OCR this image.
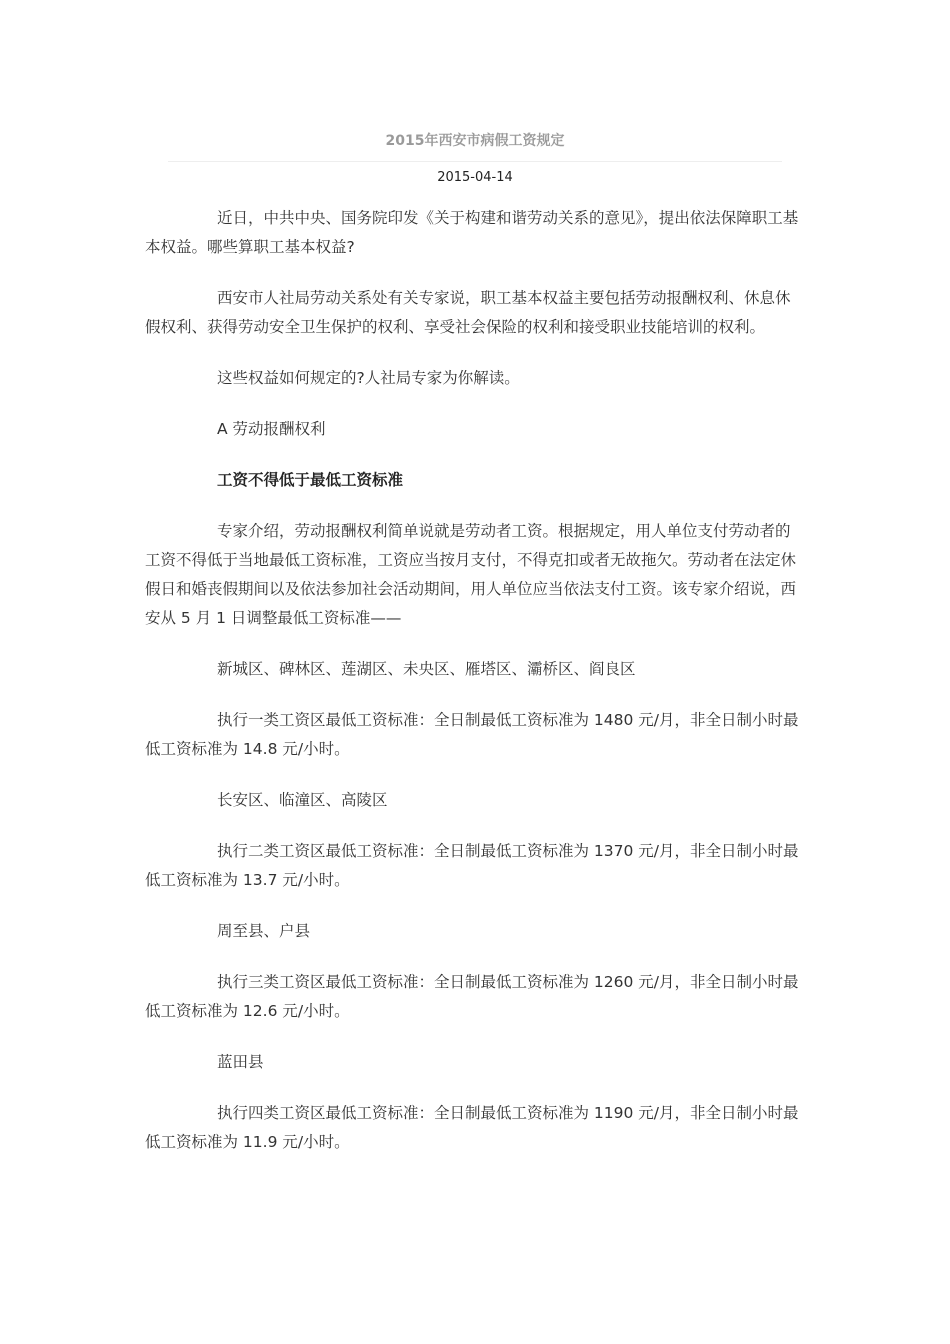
2015年西安市病假工资规定
2015-04-14

近日，中共中央、国务院印发《关于构建和谐劳动关系的意见》，提出依法保障职工基本权益。哪些算职工基本权益?

西安市人社局劳动关系处有关专家说，职工基本权益主要包括劳动报酬权利、休息休假权利、获得劳动安全卫生保护的权利、享受社会保险的权利和接受职业技能培训的权利。

这些权益如何规定的?人社局专家为你解读。

A 劳动报酬权利

工资不得低于最低工资标准

专家介绍，劳动报酬权利简单说就是劳动者工资。根据规定，用人单位支付劳动者的工资不得低于当地最低工资标准，工资应当按月支付，不得克扣或者无故拖欠。劳动者在法定休假日和婚丧假期间以及依法参加社会活动期间，用人单位应当依法支付工资。该专家介绍说，西安从 5 月 1 日调整最低工资标准——

新城区、碑林区、莲湖区、未央区、雁塔区、灞桥区、阎良区

执行一类工资区最低工资标准：全日制最低工资标准为 1480 元/月，非全日制小时最低工资标准为 14.8 元/小时。

长安区、临潼区、高陵区

执行二类工资区最低工资标准：全日制最低工资标准为 1370 元/月，非全日制小时最低工资标准为 13.7 元/小时。

周至县、户县

执行三类工资区最低工资标准：全日制最低工资标准为 1260 元/月，非全日制小时最低工资标准为 12.6 元/小时。

蓝田县

执行四类工资区最低工资标准：全日制最低工资标准为 1190 元/月，非全日制小时最低工资标准为 11.9 元/小时。
